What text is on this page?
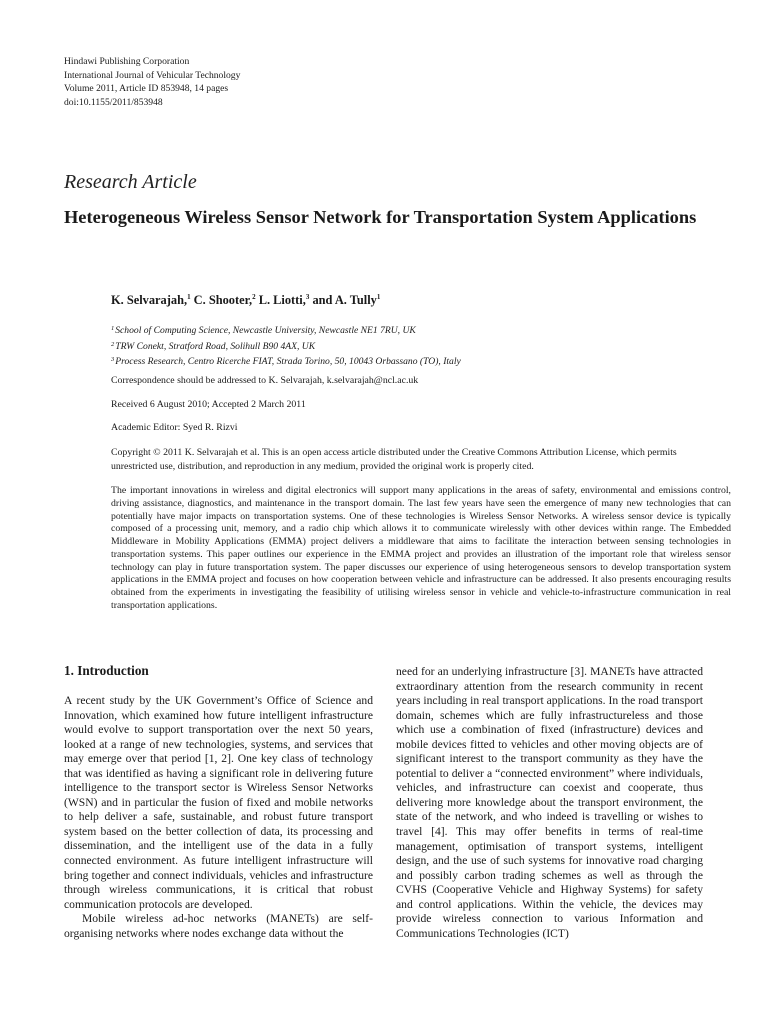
Hindawi Publishing Corporation
International Journal of Vehicular Technology
Volume 2011, Article ID 853948, 14 pages
doi:10.1155/2011/853948
Research Article
Heterogeneous Wireless Sensor Network for Transportation System Applications
K. Selvarajah,$^1$ C. Shooter,$^2$ L. Liotti,$^3$ and A. Tully$^1$
$^1$School of Computing Science, Newcastle University, Newcastle NE1 7RU, UK
$^2$TRW Conekt, Stratford Road, Solihull B90 4AX, UK
$^3$Process Research, Centro Ricerche FIAT, Strada Torino, 50, 10043 Orbassano (TO), Italy
Correspondence should be addressed to K. Selvarajah, k.selvarajah@ncl.ac.uk
Received 6 August 2010; Accepted 2 March 2011
Academic Editor: Syed R. Rizvi
Copyright © 2011 K. Selvarajah et al. This is an open access article distributed under the Creative Commons Attribution License, which permits unrestricted use, distribution, and reproduction in any medium, provided the original work is properly cited.
The important innovations in wireless and digital electronics will support many applications in the areas of safety, environmental and emissions control, driving assistance, diagnostics, and maintenance in the transport domain. The last few years have seen the emergence of many new technologies that can potentially have major impacts on transportation systems. One of these technologies is Wireless Sensor Networks. A wireless sensor device is typically composed of a processing unit, memory, and a radio chip which allows it to communicate wirelessly with other devices within range. The Embedded Middleware in Mobility Applications (EMMA) project delivers a middleware that aims to facilitate the interaction between sensing technologies in transportation systems. This paper outlines our experience in the EMMA project and provides an illustration of the important role that wireless sensor technology can play in future transportation system. The paper discusses our experience of using heterogeneous sensors to develop transportation system applications in the EMMA project and focuses on how cooperation between vehicle and infrastructure can be addressed. It also presents encouraging results obtained from the experiments in investigating the feasibility of utilising wireless sensor in vehicle and vehicle-to-infrastructure communication in real transportation applications.
1. Introduction

A recent study by the UK Government’s Office of Science and Innovation, which examined how future intelligent infrastructure would evolve to support transportation over the next 50 years, looked at a range of new technologies, systems, and services that may emerge over that period [1, 2]. One key class of technology that was identified as having a significant role in delivering future intelligence to the transport sector is Wireless Sensor Networks (WSN) and in particular the fusion of fixed and mobile networks to help deliver a safe, sustainable, and robust future transport system based on the better collection of data, its processing and dissemination, and the intelligent use of the data in a fully connected environment. As future intelligent infrastructure will bring together and connect individuals, vehicles and infrastructure through wireless communications, it is critical that robust communication protocols are developed.

Mobile wireless ad-hoc networks (MANETs) are self-organising networks where nodes exchange data without the

need for an underlying infrastructure [3]. MANETs have attracted extraordinary attention from the research community in recent years including in real transport applications. In the road transport domain, schemes which are fully infrastructureless and those which use a combination of fixed (infrastructure) devices and mobile devices fitted to vehicles and other moving objects are of significant interest to the transport community as they have the potential to deliver a “connected environment” where individuals, vehicles, and infrastructure can coexist and cooperate, thus delivering more knowledge about the transport environment, the state of the network, and who indeed is travelling or wishes to travel [4]. This may offer benefits in terms of real-time management, optimisation of transport systems, intelligent design, and the use of such systems for innovative road charging and possibly carbon trading schemes as well as through the CVHS (Cooperative Vehicle and Highway Systems) for safety and control applications. Within the vehicle, the devices may provide wireless connection to various Information and Communications Technologies (ICT)
